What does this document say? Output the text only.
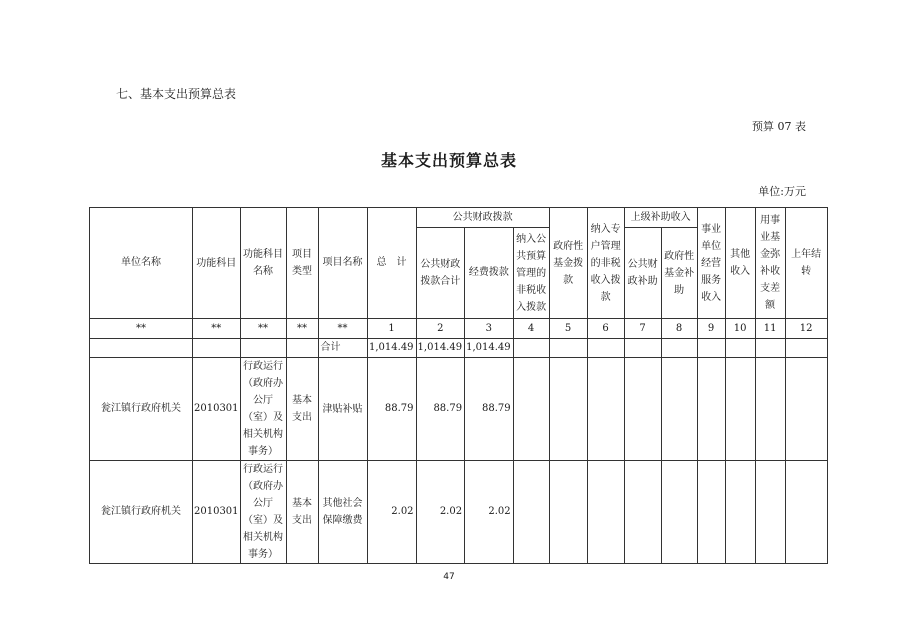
七、基本支出预算总表
预算 07 表
基本支出预算总表
单位:万元
单位名称	功能科目	功能科目名称	项目类型	项目名称	总　计	公共财政拨款			政府性基金拨款	纳入专户管理的非税收入拨款	上级补助收入		事业单位经营服务收入	其他收入	用事业基金弥补收支差额	上年结转
						公共财政拨款合计	经费拨款	纳入公共预算管理的非税收入拨款			公共财政补助	政府性基金补助				
**	**	**	**	**	1	2	3	4	5	6	7	8	9	10	11	12
				合计	1,014.49	1,014.49	1,014.49									
瓮江镇行政府机关	2010301	行政运行（政府办公厅（室）及相关机构事务）	基本支出	津贴补贴	88.79	88.79	88.79									
瓮江镇行政府机关	2010301	行政运行（政府办公厅（室）及相关机构事务）	基本支出	其他社会保障缴费	2.02	2.02	2.02									
47
